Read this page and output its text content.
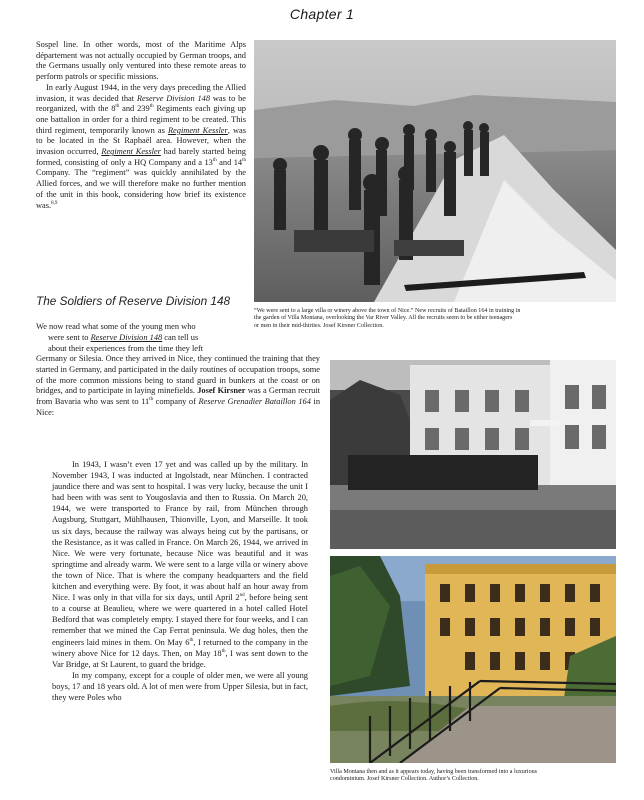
Chapter 1

Sospel line. In other words, most of the Maritime Alps département was not actually occupied by German troops, and the Germans usually only ventured into these remote areas to perform patrols or specific missions.

In early August 1944, in the very days preceding the Allied invasion, it was decided that Reserve Division 148 was to be reorganized, with the 8th and 239th Regiments each giving up one battalion in order for a third regiment to be created. This third regiment, temporarily known as Regiment Kessler, was to be located in the St Raphaël area. However, when the invasion occurred, Regiment Kessler had barely started being formed, consisting of only a HQ Company and a 13th and 14th Company. The “regiment” was quickly annihilated by the Allied forces, and we will therefore make no further mention of the unit in this book, considering how brief its existence was.$^{8,9}$

The Soldiers of Reserve Division 148
“We were sent to a large villa or winery above the town of Nice.” New recruits of Bataillon 164 in training in
the garden of Villa Montana, overlooking the Var River Valley. All the recruits seem to be either teenagers
or men in their mid-thirties. Josef Kirsner Collection.

We now read what some of the young men who

were sent to Reserve Division 148 can tell us

about their experiences from the time they left

Germany or Silesia. Once they arrived in Nice, they continued the training that they started in Germany, and participated in the daily routines of occupation troops, some of the more common missions being to stand guard in bunkers at the coast or on bridges, and to participate in laying minefields. Josef Kirsner was a German recruit from Bavaria who was sent to 11th company of Reserve Grenadier Bataillon 164 in Nice:

In 1943, I wasn’t even 17 yet and was called up by the military. In November 1943, I was inducted at Ingolstadt, near München. I contracted jaundice there and was sent to hospital. I was very lucky, because the unit I had been with was sent to Yougoslavia and then to Russia. On March 20, 1944, we were transported to France by rail, from München through Augsburg, Stuttgart, Mühlhausen, Thionville, Lyon, and Marseille. It took us six days, because the railway was always being cut by the partisans, or the Resistance, as it was called in France. On March 26, 1944, we arrived in Nice. We were very fortunate, because Nice was beautiful and it was springtime and already warm. We were sent to a large villa or winery above the town of Nice. That is where the company headquarters and the field kitchen and everything were. By foot, it was about half an hour away from Nice. I was only in that villa for six days, until April 2nd, before being sent to a course at Beaulieu, where we were quartered in a hotel called Hotel Bedford that was completely empty. I stayed there for four weeks, and I can remember that we mined the Cap Ferrat peninsula. We dug holes, then the engineers laid mines in them. On May 6th, I returned to the company in the winery above Nice for 12 days. Then, on May 18th, I was sent down to the Var Bridge, at St Laurent, to guard the bridge.

In my company, except for a couple of older men, we were all young boys, 17 and 18 years old. A lot of men were from Upper Silesia, but in fact, they were Poles who

Villa Montana then and as it appears today, having been transformed into a luxurious
condominium. Josef Kirsner Collection. Author’s Collection.
